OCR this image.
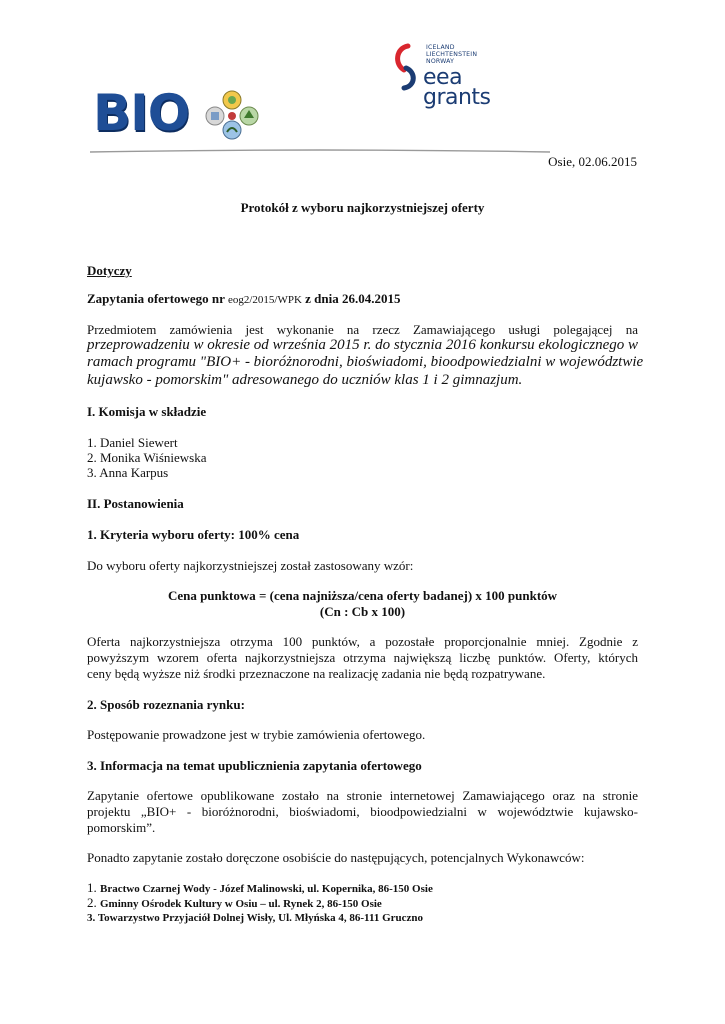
BIO
ICELAND
LIECHTENSTEIN
NORWAY
eea
grants
Osie, 02.06.2015
Protokół z wyboru najkorzystniejszej oferty
Dotyczy
Zapytania ofertowego nr eog2/2015/WPK z dnia 26.04.2015
Przedmiotem zamówienia jest wykonanie na rzecz Zamawiającego usługi polegającej na
przeprowadzeniu w okresie od września 2015 r. do stycznia 2016 konkursu ekologicznego w
ramach programu "BIO+ - bioróżnorodni, bioświadomi, bioodpowiedzialni w województwie
kujawsko - pomorskim" adresowanego do uczniów klas 1 i 2 gimnazjum.
I. Komisja w składzie
1. Daniel Siewert
2. Monika Wiśniewska
3. Anna Karpus
II. Postanowienia
1. Kryteria wyboru oferty: 100% cena
Do wyboru oferty najkorzystniejszej został zastosowany wzór:
Cena punktowa = (cena najniższa/cena oferty badanej) x 100 punktów
(Cn : Cb x 100)
Oferta najkorzystniejsza otrzyma 100 punktów, a pozostałe proporcjonalnie mniej. Zgodnie z
powyższym wzorem oferta najkorzystniejsza otrzyma największą liczbę punktów. Oferty, których
ceny będą wyższe niż środki przeznaczone na realizację zadania nie będą rozpatrywane.
2. Sposób rozeznania rynku:
Postępowanie prowadzone jest w trybie zamówienia ofertowego.
3. Informacja na temat upublicznienia zapytania ofertowego
Zapytanie ofertowe opublikowane zostało na stronie internetowej Zamawiającego oraz na stronie
projektu „BIO+ - bioróżnorodni, bioświadomi, bioodpowiedzialni w województwie kujawsko-
pomorskim”.
Ponadto zapytanie zostało doręczone osobiście do następujących, potencjalnych Wykonawców:
1. Bractwo Czarnej Wody - Józef Malinowski, ul. Kopernika, 86-150 Osie
2. Gminny Ośrodek Kultury w Osiu – ul. Rynek 2, 86-150 Osie
3. Towarzystwo Przyjaciół Dolnej Wisły, Ul. Młyńska 4, 86-111 Gruczno
